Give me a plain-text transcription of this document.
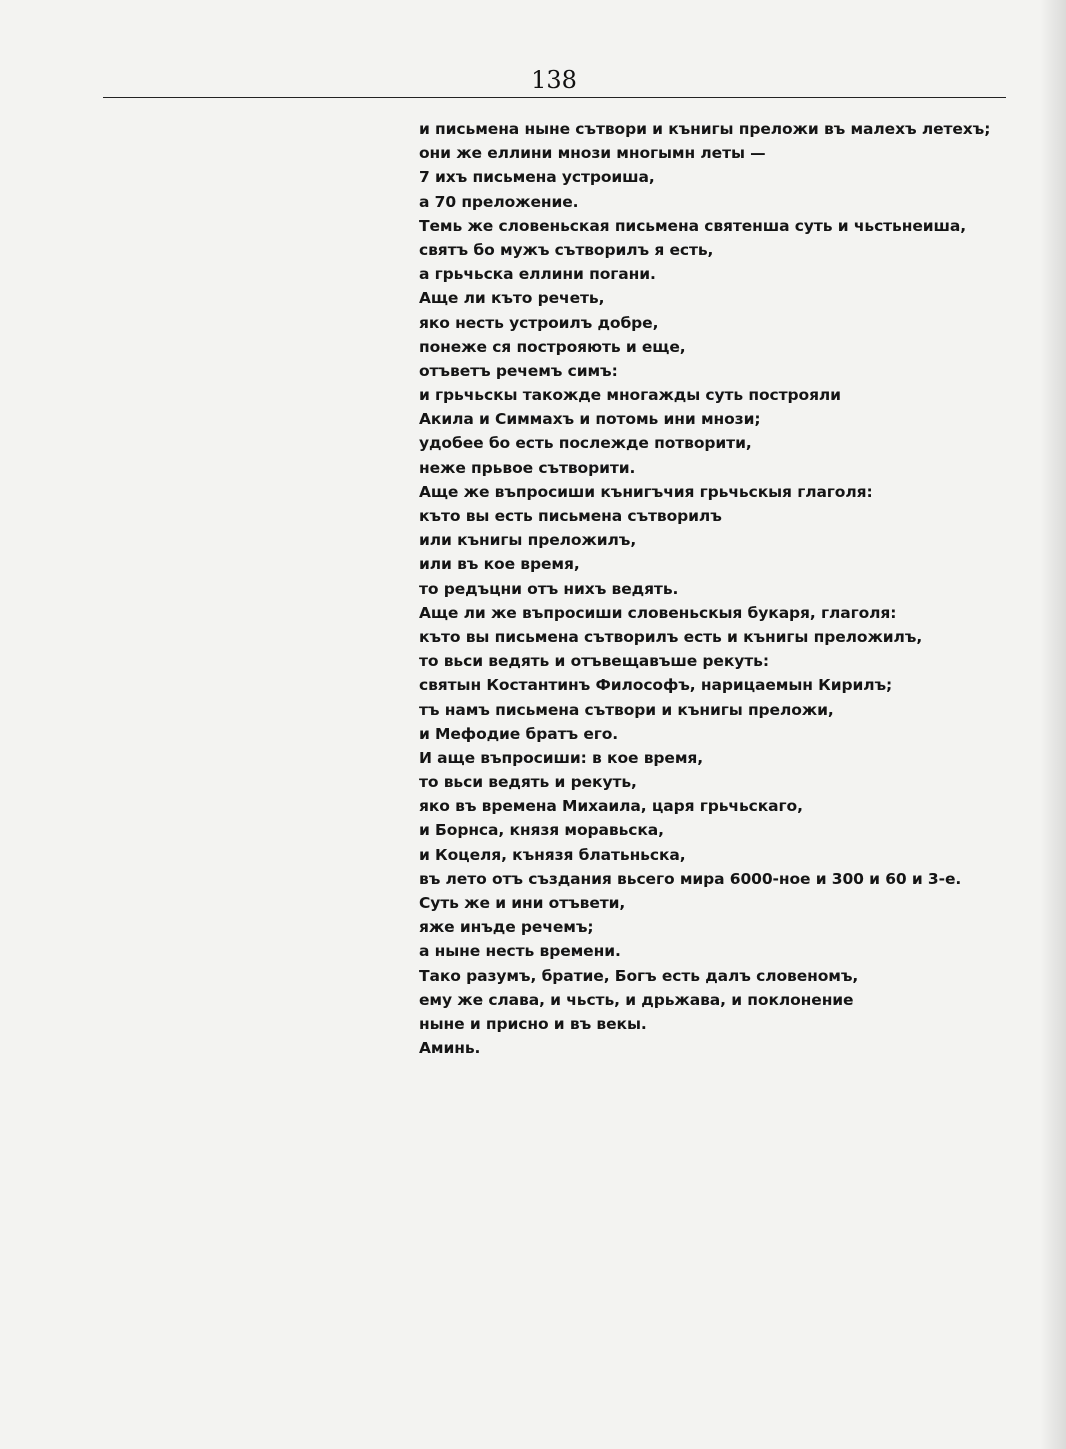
138
и письмена ныне сътвори и кънигы преложи въ малехъ летехъ;
они же еллини мнози многымн леты —
7 ихъ письмена устроиша,
а 70 преложение.
Темь же словеньская письмена святенша суть и чьстьнеиша,
святъ бо мужъ сътворилъ я есть,
а грьчьска еллини погани.
Аще ли къто речеть,
яко несть устроилъ добре,
понеже ся построяють и еще,
отъветъ речемъ симъ:
и грьчьскы такожде многажды суть построяли
Акила и Симмахъ и потомь ини мнози;
удобее бо есть послежде потворити,
неже прьвое сътворити.
Аще же въпросиши кънигъчия грьчьскыя глаголя:
къто вы есть письмена сътворилъ
или кънигы преложилъ,
или въ кое время,
то редъцни отъ нихъ ведять.
Аще ли же въпросиши словеньскыя букаря, глаголя:
къто вы письмена сътворилъ есть и кънигы преложилъ,
то вьси ведять и отъвещавъше рекуть:
святын Костантинъ Философъ, нарицаемын Кирилъ;
тъ намъ письмена сътвори и кънигы преложи,
и Мефодие братъ его.
И аще въпросиши: в кое время,
то вьси ведять и рекуть,
яко въ времена Михаила, царя грьчьскаго,
и Борнса, князя моравьска,
и Коцеля, кънязя блатьньска,
въ лето отъ създания вьсего мира 6000-ное и 300 и 60 и 3-е.
Суть же и ини отъвети,
яже инъде речемъ;
а ныне несть времени.
Тако разумъ, братие, Богъ есть далъ словеномъ,
ему же слава, и чьсть, и дрьжава, и поклонение
ныне и присно и въ векы.
Аминь.
